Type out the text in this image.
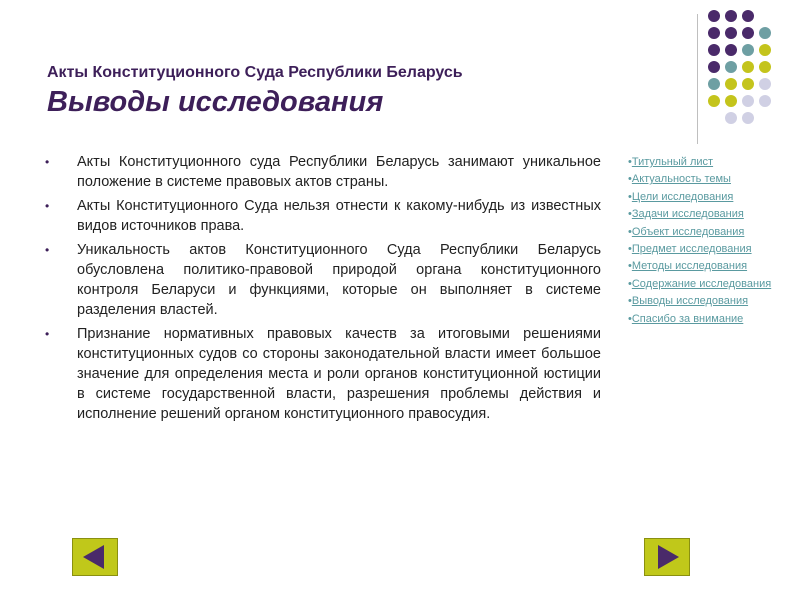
Акты Конституционного Суда Республики Беларусь
Выводы исследования
• Акты Конституционного суда Республики Беларусь занимают уникальное положение в системе правовых актов страны.
• Акты Конституционного Суда нельзя отнести к какому-нибудь из известных видов источников права.
• Уникальность актов Конституционного Суда Республики Беларусь обусловлена политико-правовой природой органа конституционного контроля Беларуси и функциями, которые он выполняет в системе разделения властей.
• Признание нормативных правовых качеств за итоговыми решениями конституционных судов со стороны законодательной власти имеет большое значение для определения места и роли органов конституционной юстиции в системе государственной власти, разрешения проблемы действия и исполнение решений органом конституционного правосудия.
•Титульный лист
•Актуальность темы
•Цели исследования
•Задачи исследования
•Объект исследования
•Предмет исследования
•Методы исследования
•Содержание исследования
•Выводы исследования
•Спасибо за внимание
